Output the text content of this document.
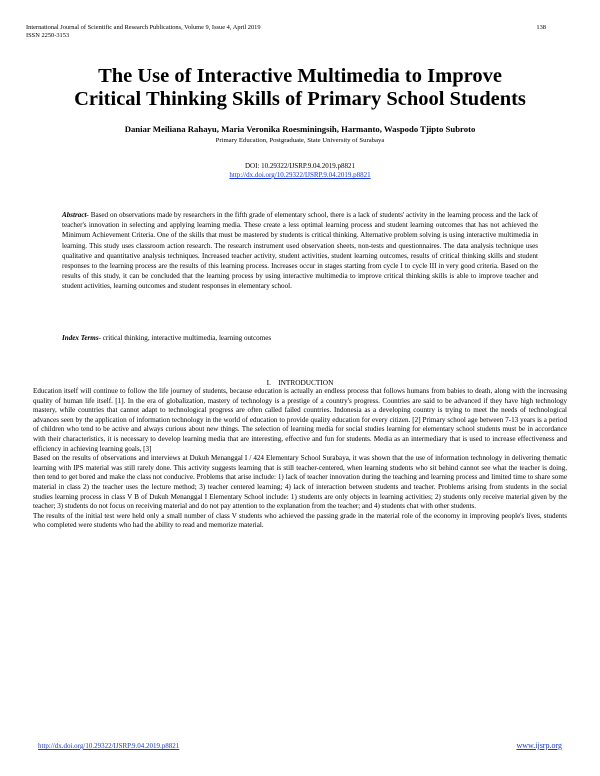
International Journal of Scientific and Research Publications, Volume 9, Issue 4, April 2019
ISSN 2250-3153
138
The Use of Interactive Multimedia to Improve
Critical Thinking Skills of Primary School Students
Daniar Meiliana Rahayu, Maria Veronika Roesminingsih, Harmanto, Waspodo Tjipto Subroto
Primary Education, Postgraduate, State University of Surabaya
DOI: 10.29322/IJSRP.9.04.2019.p8821
http://dx.doi.org/10.29322/IJSRP.9.04.2019.p8821
Abstract- Based on observations made by researchers in the fifth grade of elementary school, there is a lack of students' activity in the learning process and the lack of teacher's innovation in selecting and applying learning media. These create a less optimal learning process and student learning outcomes that has not achieved the Minimum Achievement Criteria. One of the skills that must be mastered by students is critical thinking. Alternative problem solving is using interactive multimedia in learning. This study uses classroom action research. The research instrument used observation sheets, non-tests and questionnaires. The data analysis technique uses qualitative and quantitative analysis techniques. Increased teacher activity, student activities, student learning outcomes, results of critical thinking skills and student responses to the learning process are the results of this learning process. Increases occur in stages starting from cycle I to cycle III in very good criteria. Based on the results of this study, it can be concluded that the learning process by using interactive multimedia to improve critical thinking skills is able to improve teacher and student activities, learning outcomes and student responses in elementary school.
Index Terms- critical thinking, interactive multimedia, learning outcomes
I.    INTRODUCTION

Education itself will continue to follow the life journey of students, because education is actually an endless process that follows humans from babies to death, along with the increasing quality of human life itself. [1]. In the era of globalization, mastery of technology is a prestige of a country's progress. Countries are said to be advanced if they have high technology mastery, while countries that cannot adapt to technological progress are often called failed countries. Indonesia as a developing country is trying to meet the needs of technological advances seen by the application of information technology in the world of education to provide quality education for every citizen. [2] Primary school age between 7-13 years is a period of children who tend to be active and always curious about new things. The selection of learning media for social studies learning for elementary school students must be in accordance with their characteristics, it is necessary to develop learning media that are interesting, effective and fun for students. Media as an intermediary that is used to increase effectiveness and efficiency in achieving learning goals, [3]

Based on the results of observations and interviews at Dukuh Menanggal I / 424 Elementary School Surabaya, it was shown that the use of information technology in delivering thematic learning with IPS material was still rarely done. This activity suggests learning that is still teacher-centered, when learning students who sit behind cannot see what the teacher is doing, then tend to get bored and make the class not conducive. Problems that arise include: 1) lack of teacher innovation during the teaching and learning process and limited time to share some material in class 2) the teacher uses the lecture method; 3) teacher centered learning; 4) lack of interaction between students and teacher. Problems arising from students in the social studies learning process in class V B of Dukuh Menanggal I Elementary School include: 1) students are only objects in learning activities; 2) students only receive material given by the teacher; 3) students do not focus on receiving material and do not pay attention to the explanation from the teacher; and 4) students chat with other students.

The results of the initial test were held only a small number of class V students who achieved the passing grade in the material role of the economy in improving people's lives, students who completed were students who had the ability to read and memorize material.

http://dx.doi.org/10.29322/IJSRP.9.04.2019.p8821	www.ijsrp.org
